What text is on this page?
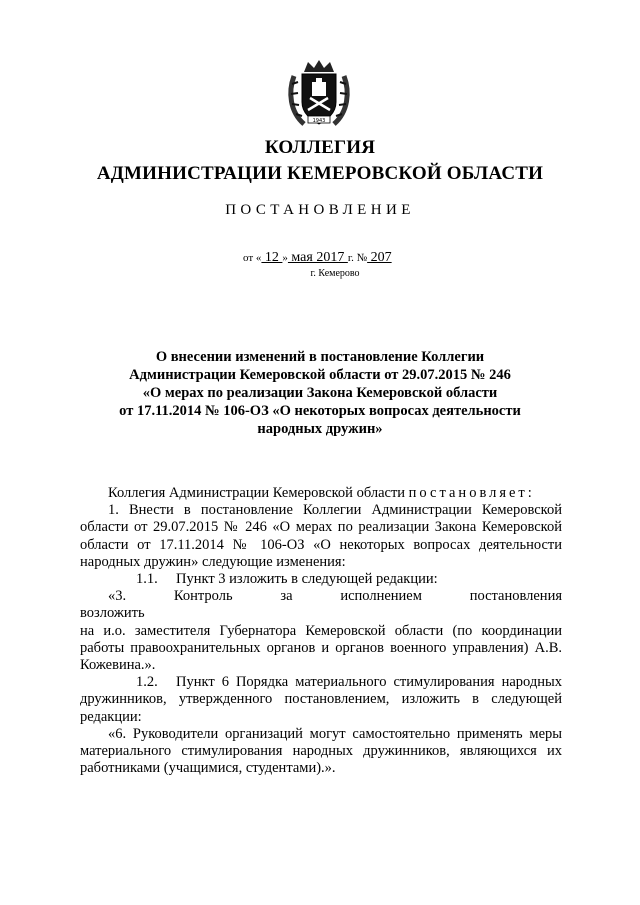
1943
КОЛЛЕГИЯ
АДМИНИСТРАЦИИ КЕМЕРОВСКОЙ ОБЛАСТИ
ПОСТАНОВЛЕНИЕ
от « 12 » мая 2017 г. № 207
г. Кемерово
О внесении изменений в постановление Коллегии
Администрации Кемеровской области от 29.07.2015 № 246
«О мерах по реализации Закона Кемеровской области
от 17.11.2014 № 106-ОЗ «О некоторых вопросах деятельности
народных дружин»

Коллегия Администрации Кемеровской области постановляет:

1. Внести в постановление Коллегии Администрации Кемеровской области от 29.07.2015 № 246 «О мерах по реализации Закона Кемеровской области от 17.11.2014 № 106-ОЗ «О некоторых вопросах деятельности народных дружин» следующие изменения:

1.1. Пункт 3 изложить в следующей редакции:

«3. Контроль за исполнением постановления возложить

на и.о. заместителя Губернатора Кемеровской области (по координации работы правоохранительных органов и органов военного управления) А.В. Кожевина.».

1.2. Пункт 6 Порядка материального стимулирования народных дружинников, утвержденного постановлением, изложить в следующей редакции:

«6. Руководители организаций могут самостоятельно применять меры материального стимулирования народных дружинников, являющихся их работниками (учащимися, студентами).».
